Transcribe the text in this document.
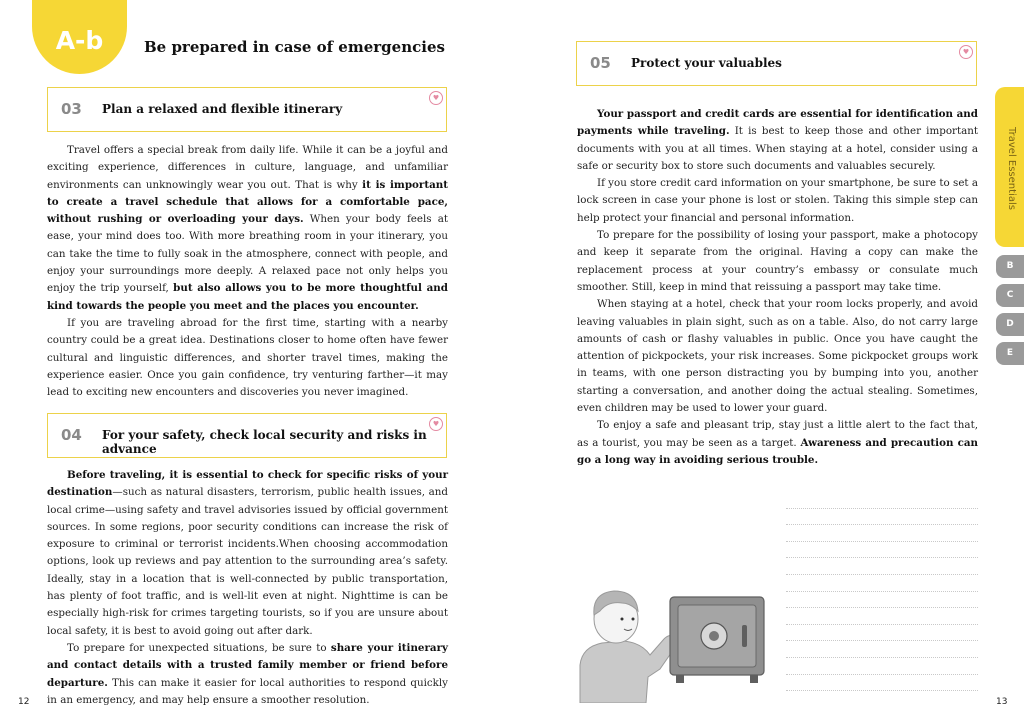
A-b	Be prepared in case of emergencies
03 Plan a relaxed and flexible itinerary
♥

Travel offers a special break from daily life. While it can be a joyful and exciting experience, differences in culture, language, and unfamiliar environments can unknowingly wear you out. That is why it is important to create a travel schedule that allows for a comfortable pace, without rushing or overloading your days. When your body feels at ease, your mind does too. With more breathing room in your itinerary, you can take the time to fully soak in the atmosphere, connect with people, and enjoy your surroundings more deeply. A relaxed pace not only helps you enjoy the trip yourself, but also allows you to be more thoughtful and kind towards the people you meet and the places you encounter.

If you are traveling abroad for the first time, starting with a nearby country could be a great idea. Destinations closer to home often have fewer cultural and linguistic differences, and shorter travel times, making the experience easier. Once you gain confidence, try venturing farther—it may lead to exciting new encounters and discoveries you never imagined.

04 For your safety, check local security and risks in advance
♥

Before traveling, it is essential to check for specific risks of your destination—such as natural disasters, terrorism, public health issues, and local crime—using safety and travel advisories issued by official government sources. In some regions, poor security conditions can increase the risk of exposure to criminal or terrorist incidents.When choosing accommodation options, look up reviews and pay attention to the surrounding area’s safety. Ideally, stay in a location that is well-connected by public transportation, has plenty of foot traffic, and is well-lit even at night. Nighttime is can be especially high-risk for crimes targeting tourists, so if you are unsure about local safety, it is best to avoid going out after dark.

To prepare for unexpected situations, be sure to share your itinerary and contact details with a trusted family member or friend before departure. This can make it easier for local authorities to respond quickly in an emergency, and may help ensure a smoother resolution.

12
05 Protect your valuables
♥

Your passport and credit cards are essential for identification and payments while traveling. It is best to keep those and other important documents with you at all times. When staying at a hotel, consider using a safe or security box to store such documents and valuables securely.

If you store credit card information on your smartphone, be sure to set a lock screen in case your phone is lost or stolen. Taking this simple step can help protect your financial and personal information.

To prepare for the possibility of losing your passport, make a photocopy and keep it separate from the original. Having a copy can make the replacement process at your country’s embassy or consulate much smoother. Still, keep in mind that reissuing a passport may take time.

When staying at a hotel, check that your room locks properly, and avoid leaving valuables in plain sight, such as on a table. Also, do not carry large amounts of cash or flashy valuables in public. Once you have caught the attention of pickpockets, your risk increases. Some pickpocket groups work in teams, with one person distracting you by bumping into you, another starting a conversation, and another doing the actual stealing. Sometimes, even children may be used to lower your guard.

To enjoy a safe and pleasant trip, stay just a little alert to the fact that, as a tourist, you may be seen as a target. Awareness and precaution can go a long way in avoiding serious trouble.

Travel Essentials
B
C
D
E
13
